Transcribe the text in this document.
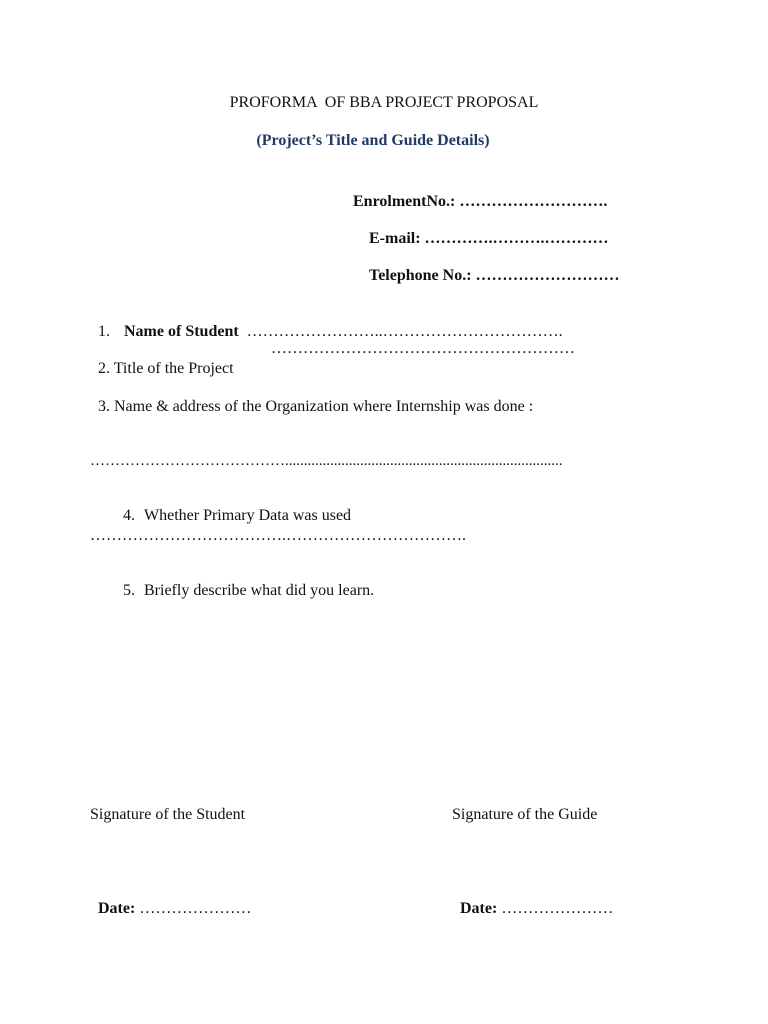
PROFORMA  OF BBA PROJECT PROPOSAL
(Project’s Title and Guide Details)
EnrolmentNo.: ……………………….
E-mail: ………….……….…………
Telephone No.: ………………………

1. Name of Student  ……………………..…………………………….

2. Title of the Project

…………………………………………………

3. Name & address of the Organization where Internship was done :

…………………………………..........................................................................

4. Whether Primary Data was used

……………………………….…………………………….

5. Briefly describe what did you learn.

Signature of the Student	Signature of the Guide

Date: …………………	Date: …………………
